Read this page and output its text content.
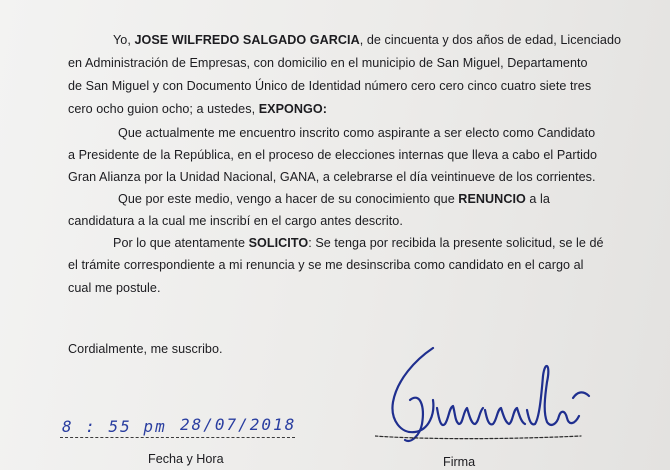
Yo, JOSE WILFREDO SALGADO GARCIA, de cincuenta y dos años de edad, Licenciado
en Administración de Empresas, con domicilio en el municipio de San Miguel, Departamento
de San Miguel y con Documento Único de Identidad número cero cero cinco cuatro siete tres
cero ocho guion ocho; a ustedes, EXPONGO:
Que actualmente me encuentro inscrito como aspirante a ser electo como Candidato
a Presidente de la República, en el proceso de elecciones internas que lleva a cabo el Partido
Gran Alianza por la Unidad Nacional, GANA, a celebrarse el día veintinueve de los corrientes.
Que por este medio, vengo a hacer de su conocimiento que RENUNCIO a la
candidatura a la cual me inscribí en el cargo antes descrito.
Por lo que atentamente SOLICITO: Se tenga por recibida la presente solicitud, se le dé
el trámite correspondiente a mi renuncia y se me desinscriba como candidato en el cargo al
cual me postule.
Cordialmente, me suscribo.
8 : 55 pm 28/07/2018
Fecha y Hora	Firma
